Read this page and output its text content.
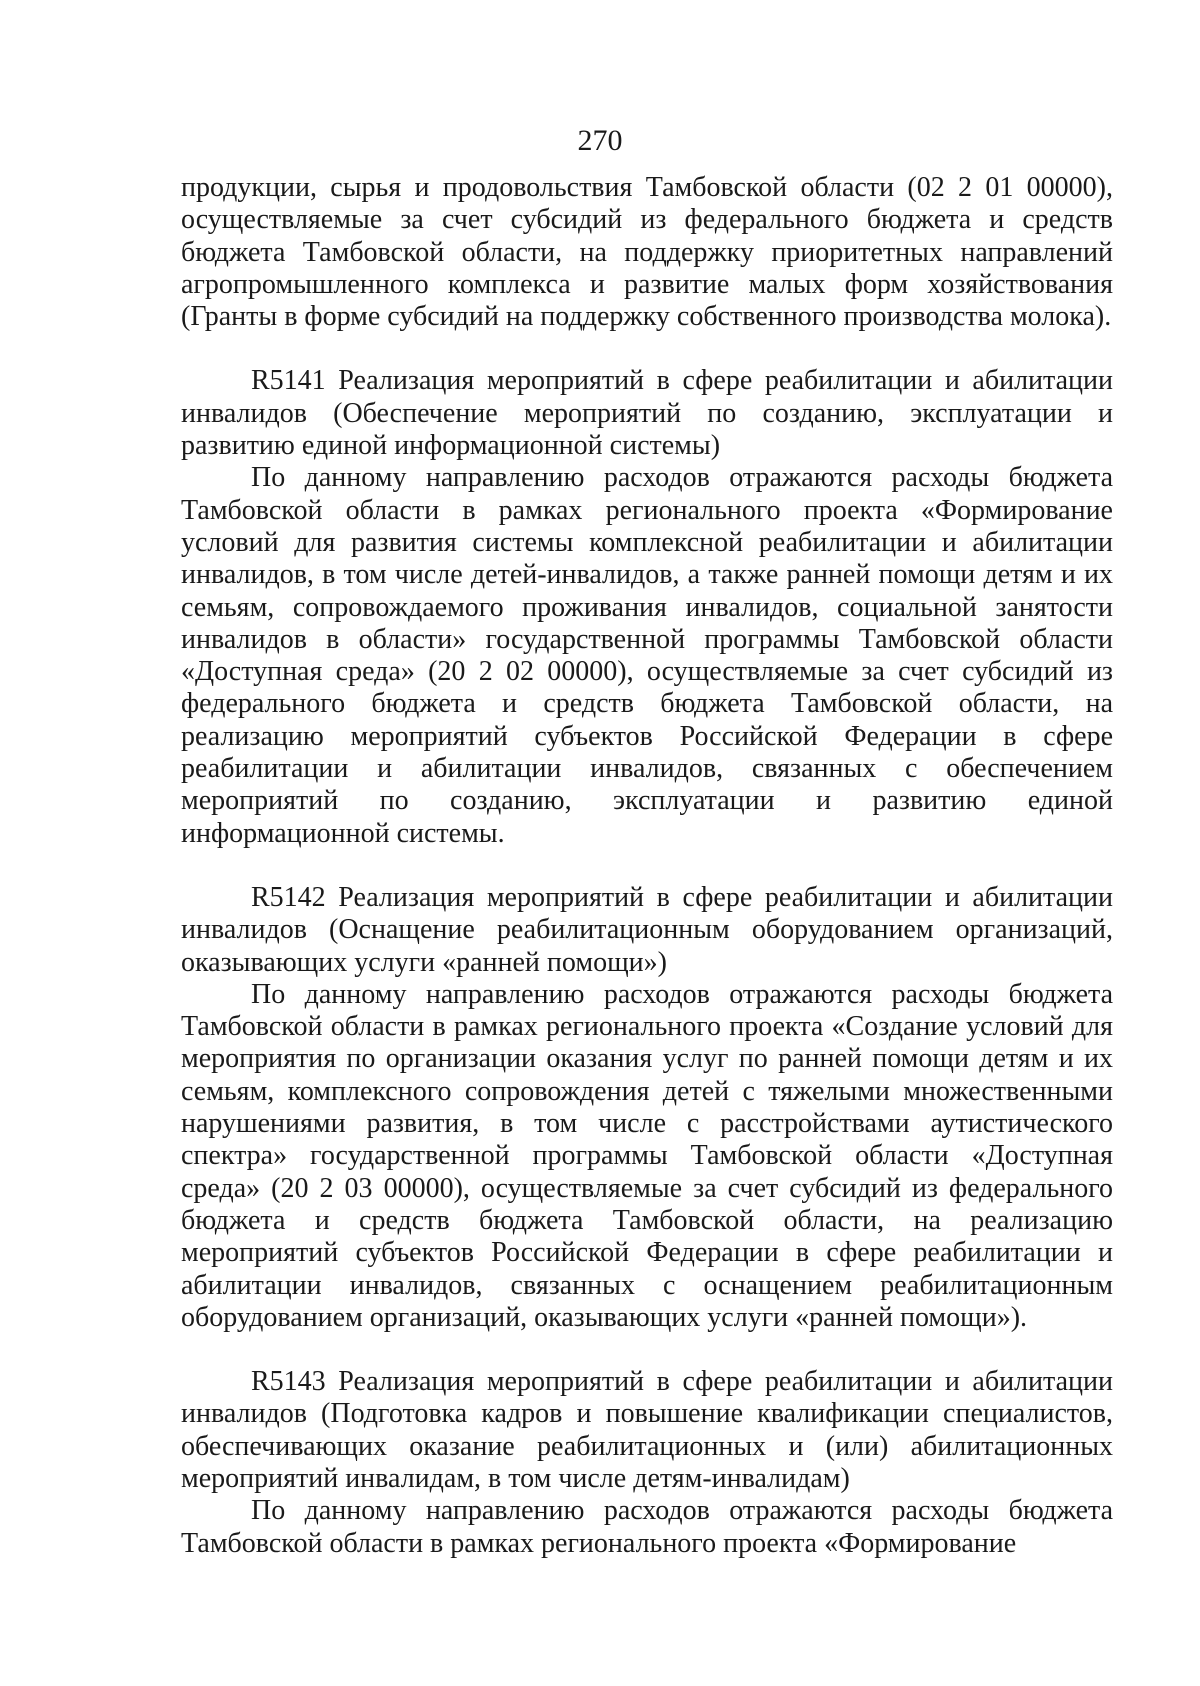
270

продукции, сырья и продовольствия Тамбовской области (02 2 01 00000), осуществляемые за счет субсидий из федерального бюджета и средств бюджета Тамбовской области, на поддержку приоритетных направлений агропромышленного комплекса и развитие малых форм хозяйствования (Гранты в форме субсидий на поддержку собственного производства молока).

R5141 Реализация мероприятий в сфере реабилитации и абилитации инвалидов (Обеспечение мероприятий по созданию, эксплуатации и развитию единой информационной системы)

По данному направлению расходов отражаются расходы бюджета Тамбовской области в рамках регионального проекта «Формирование условий для развития системы комплексной реабилитации и абилитации инвалидов, в том числе детей-инвалидов, а также ранней помощи детям и их семьям, сопровождаемого проживания инвалидов, социальной занятости инвалидов в области» государственной программы Тамбовской области «Доступная среда» (20 2 02 00000), осуществляемые за счет субсидий из федерального бюджета и средств бюджета Тамбовской области, на реализацию мероприятий субъектов Российской Федерации в сфере реабилитации и абилитации инвалидов, связанных с обеспечением мероприятий по созданию, эксплуатации и развитию единой информационной системы.

R5142 Реализация мероприятий в сфере реабилитации и абилитации инвалидов (Оснащение реабилитационным оборудованием организаций, оказывающих услуги «ранней помощи»)

По данному направлению расходов отражаются расходы бюджета Тамбовской области в рамках регионального проекта «Создание условий для мероприятия по организации оказания услуг по ранней помощи детям и их семьям, комплексного сопровождения детей с тяжелыми множественными нарушениями развития, в том числе с расстройствами аутистического спектра» государственной программы Тамбовской области «Доступная среда» (20 2 03 00000), осуществляемые за счет субсидий из федерального бюджета и средств бюджета Тамбовской области, на реализацию мероприятий субъектов Российской Федерации в сфере реабилитации и абилитации инвалидов, связанных с оснащением реабилитационным оборудованием организаций, оказывающих услуги «ранней помощи»).

R5143 Реализация мероприятий в сфере реабилитации и абилитации инвалидов (Подготовка кадров и повышение квалификации специалистов, обеспечивающих оказание реабилитационных и (или) абилитационных мероприятий инвалидам, в том числе детям-инвалидам)

По данному направлению расходов отражаются расходы бюджета Тамбовской области в рамках регионального проекта «Формирование
